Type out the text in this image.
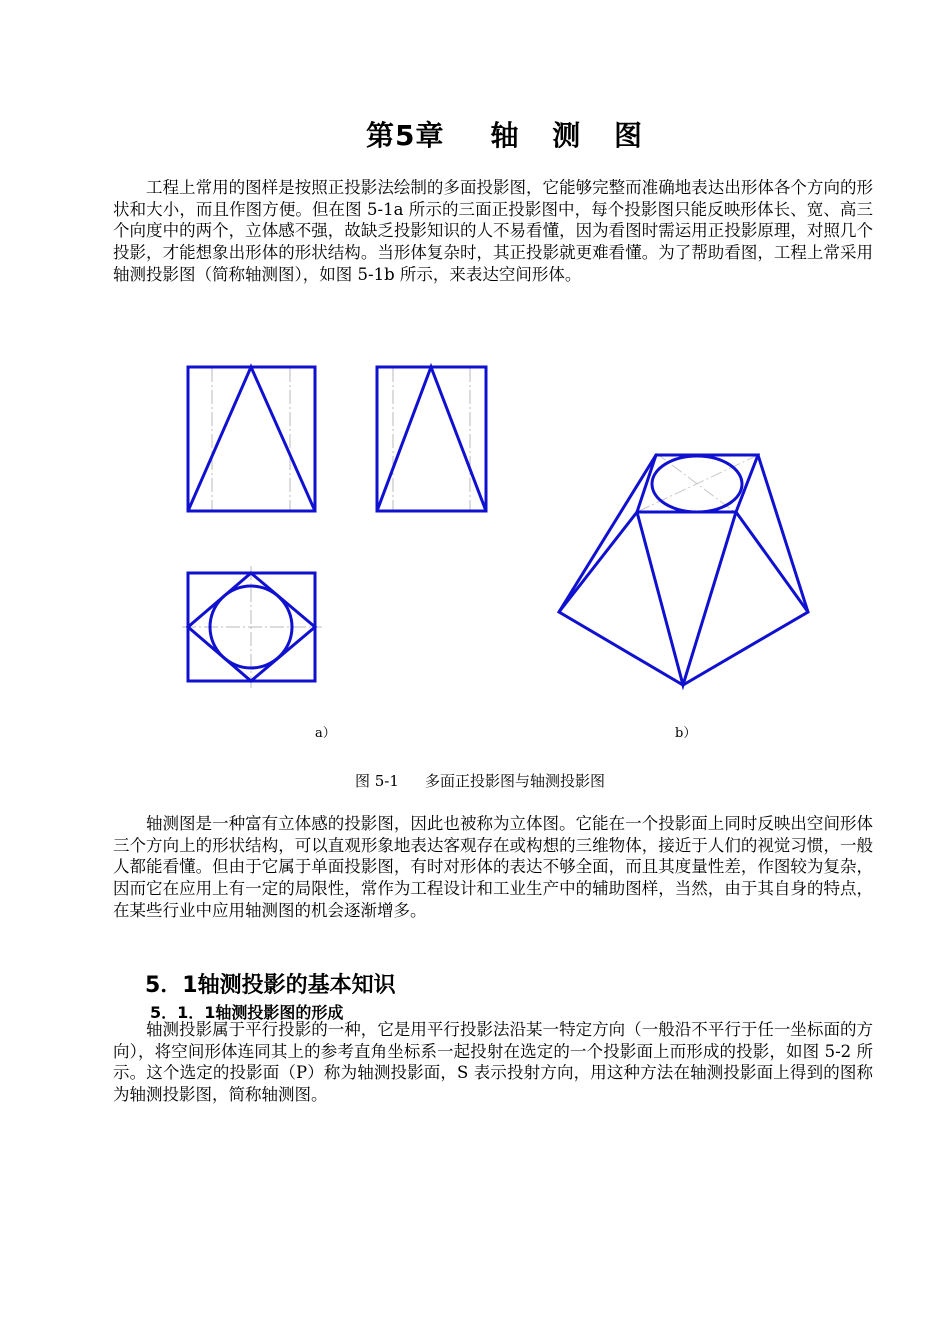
第5章 轴 测 图

工程上常用的图样是按照正投影法绘制的多面投影图，它能够完整而准确地表达出形体各个方向的形状和大小，而且作图方便。但在图 5-1a 所示的三面正投影图中，每个投影图只能反映形体长、宽、高三个向度中的两个，立体感不强，故缺乏投影知识的人不易看懂，因为看图时需运用正投影原理，对照几个投影，才能想象出形体的形状结构。当形体复杂时，其正投影就更难看懂。为了帮助看图，工程上常采用轴测投影图（简称轴测图），如图 5-1b 所示，来表达空间形体。

a）	b）
图 5-1 多面正投影图与轴测投影图

轴测图是一种富有立体感的投影图，因此也被称为立体图。它能在一个投影面上同时反映出空间形体三个方向上的形状结构，可以直观形象地表达客观存在或构想的三维物体，接近于人们的视觉习惯，一般人都能看懂。但由于它属于单面投影图，有时对形体的表达不够全面，而且其度量性差，作图较为复杂，因而它在应用上有一定的局限性，常作为工程设计和工业生产中的辅助图样，当然，由于其自身的特点，在某些行业中应用轴测图的机会逐渐增多。

5．1轴测投影的基本知识
5．1．1轴测投影图的形成

轴测投影属于平行投影的一种，它是用平行投影法沿某一特定方向（一般沿不平行于任一坐标面的方向），将空间形体连同其上的参考直角坐标系一起投射在选定的一个投影面上而形成的投影，如图 5-2 所示。这个选定的投影面（P）称为轴测投影面，S 表示投射方向，用这种方法在轴测投影面上得到的图称为轴测投影图，简称轴测图。
